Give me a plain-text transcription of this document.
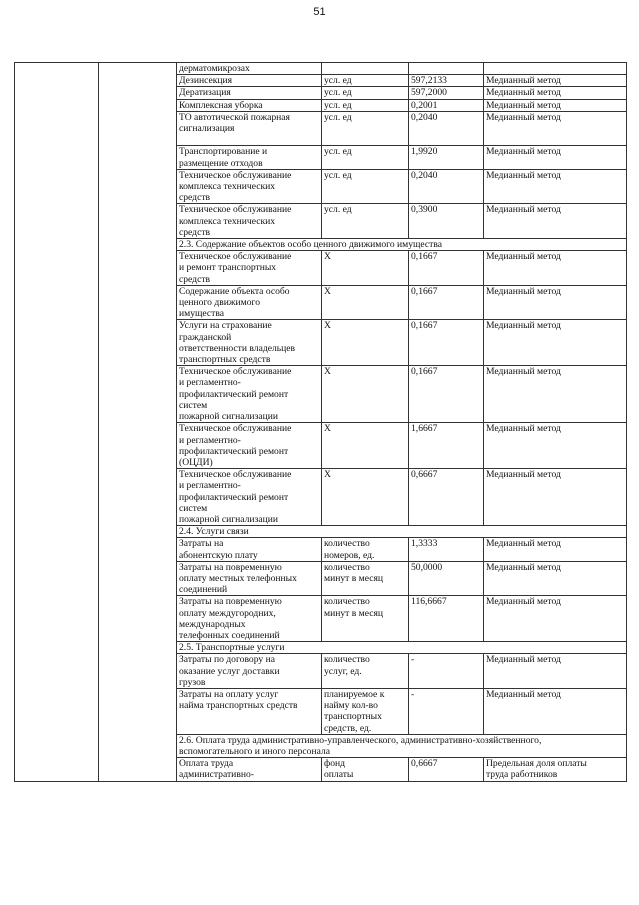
51
		дерматомикрозах			
		Дезинсекция	усл. ед	597,2133	Медианный метод
		Дератизация	усл. ед	597,2000	Медианный метод
		Комплексная уборка	усл. ед	0,2001	Медианный метод
		ТО автотической пожарная
сигнализация	усл. ед	0,2040	Медианный метод
		Транспортирование и
размещение отходов	усл. ед	1,9920	Медианный метод
		Техническое обслуживание
комплекса технических
средств	усл. ед	0,2040	Медианный метод
		Техническое обслуживание
комплекса технических
средств	усл. ед	0,3900	Медианный метод
		2.3. Содержание объектов особо ценного движимого имущества			
		Техническое обслуживание
и ремонт транспортных
средств	X	0,1667	Медианный метод
		Содержание объекта особо
ценного движимого
имущества	X	0,1667	Медианный метод
		Услуги на страхование
гражданской
ответственности владельцев
транспортных средств	X	0,1667	Медианный метод
		Техническое обслуживание
и регламентно-
профилактический ремонт
систем
пожарной сигнализации	X	0,1667	Медианный метод
		Техническое обслуживание
и регламентно-
профилактический ремонт
(ОЦДИ)	X	1,6667	Медианный метод
		Техническое обслуживание
и регламентно-
профилактический ремонт
систем
пожарной сигнализации	X	0,6667	Медианный метод
		2.4. Услуги связи			
		Затраты на
абонентскую плату	количество
номеров, ед.	1,3333	Медианный метод
		Затраты на повременную
оплату местных телефонных
соединений	количество
минут в месяц	50,0000	Медианный метод
		Затраты на повременную
оплату междугородних,
международных
телефонных соединений	количество
минут в месяц	116,6667	Медианный метод
		2.5. Транспортные услуги			
		Затраты по договору на
оказание услуг доставки
грузов	количество
услуг, ед.	-	Медианный метод
		Затраты на оплату услуг
найма транспортных средств	планируемое к
найму кол-во
транспортных
средств, ед.	-	Медианный метод
		2.6. Оплата труда административно-управленческого, административно-хозяйственного,
вспомогательного и иного персонала			
		Оплата труда
административно-	фонд
оплаты	0,6667	Предельная доля оплаты
труда работников
